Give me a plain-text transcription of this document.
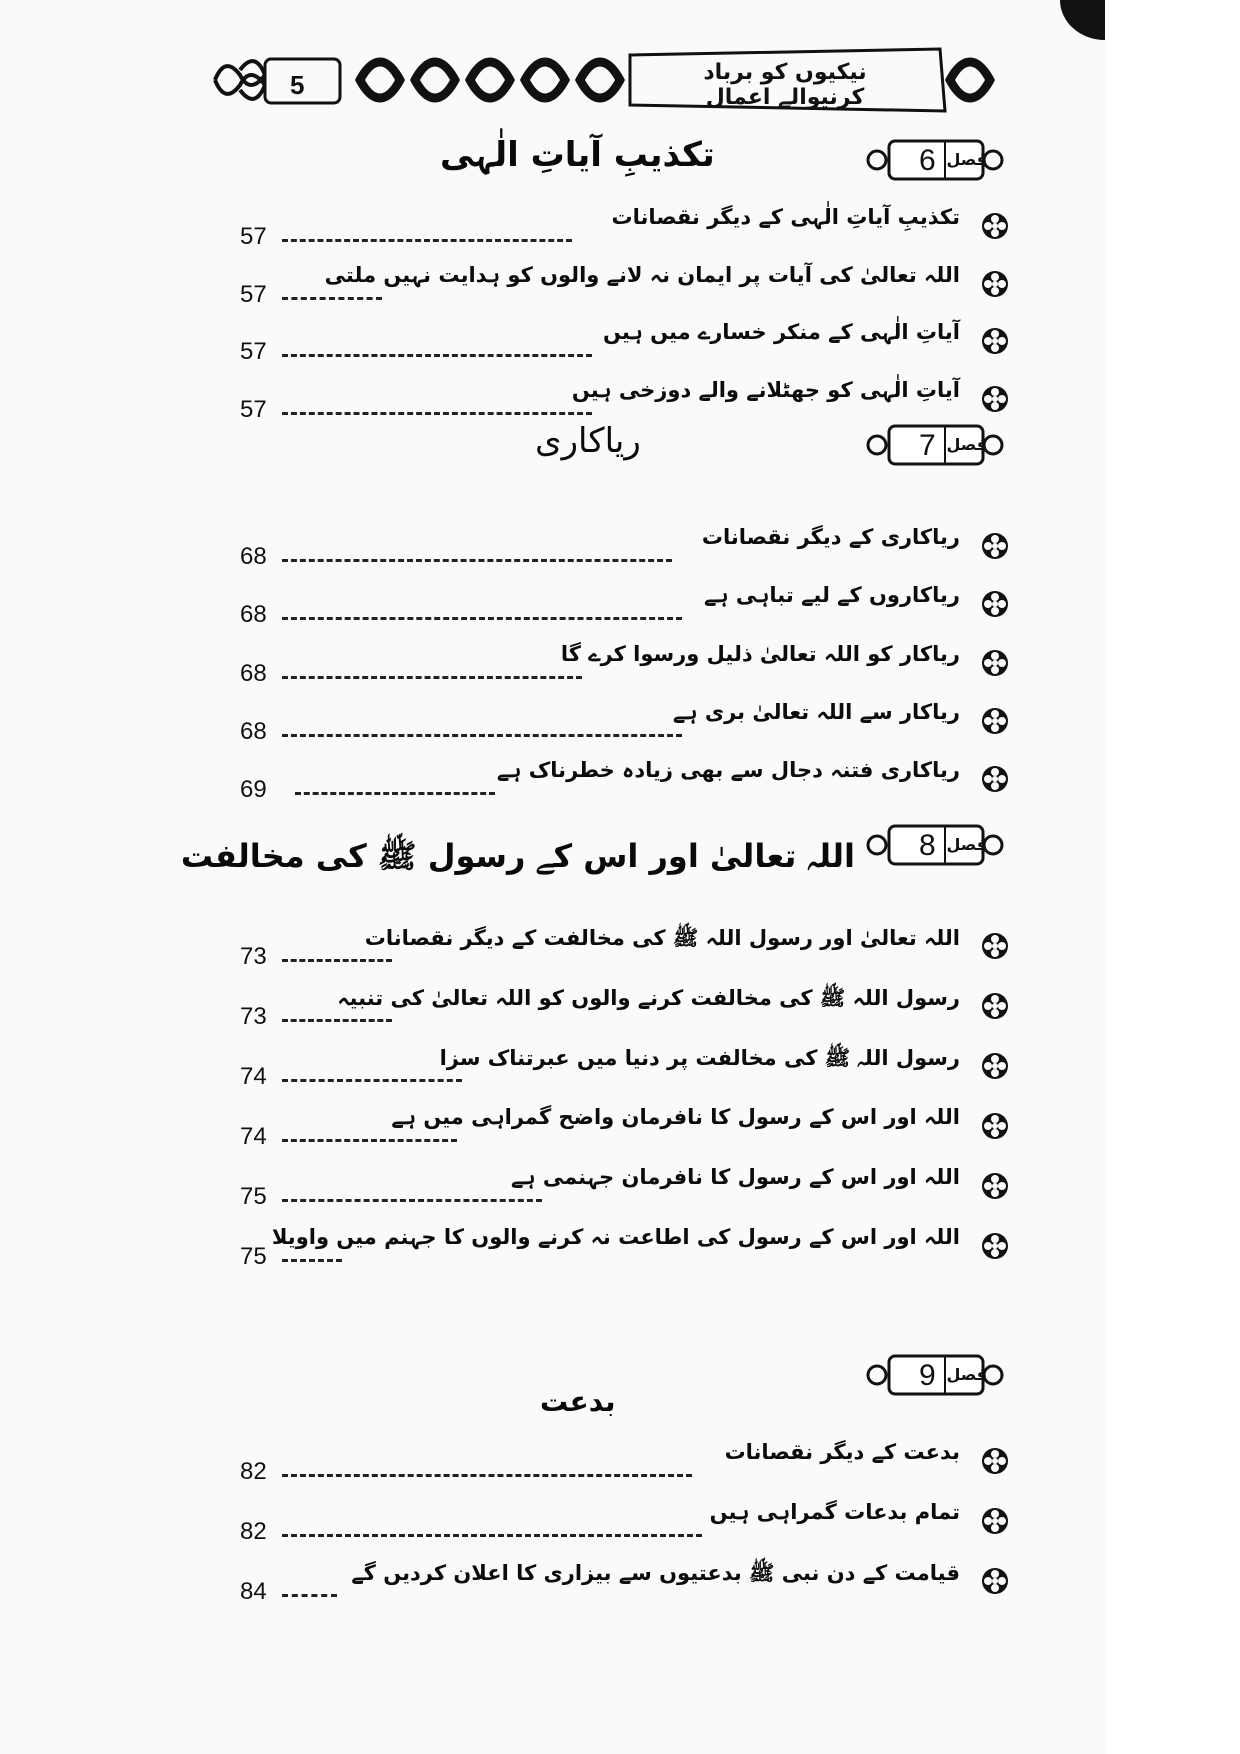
5	نیکیوں کو برباد کرنیوالے اعمال
6 فصل
تکذیبِ آیاتِ الٰہی
تکذیبِ آیاتِ الٰہی کے دیگر نقصانات
57
اللہ تعالیٰ کی آیات پر ایمان نہ لانے والوں کو ہدایت نہیں ملتی
57
آیاتِ الٰہی کے منکر خسارے میں ہیں
57
آیاتِ الٰہی کو جھٹلانے والے دوزخی ہیں
57
7 فصل
ریاکاری
ریاکاری کے دیگر نقصانات
68
ریاکاروں کے لیے تباہی ہے
68
ریاکار کو اللہ تعالیٰ ذلیل ورسوا کرے گا
68
ریاکار سے اللہ تعالیٰ بری ہے
68
ریاکاری فتنہ دجال سے بھی زیادہ خطرناک ہے
69
8 فصل
اللہ تعالیٰ اور اس کے رسول ﷺ کی مخالفت
اللہ تعالیٰ اور رسول اللہ ﷺ کی مخالفت کے دیگر نقصانات
73
رسول اللہ ﷺ کی مخالفت کرنے والوں کو اللہ تعالیٰ کی تنبیہ
73
رسول اللہ ﷺ کی مخالفت پر دنیا میں عبرتناک سزا
74
اللہ اور اس کے رسول کا نافرمان واضح گمراہی میں ہے
74
اللہ اور اس کے رسول کا نافرمان جہنمی ہے
75
اللہ اور اس کے رسول کی اطاعت نہ کرنے والوں کا جہنم میں واویلا
75
9 فصل
بدعت
بدعت کے دیگر نقصانات
82
تمام بدعات گمراہی ہیں
82
قیامت کے دن نبی ﷺ بدعتیوں سے بیزاری کا اعلان کردیں گے
84
